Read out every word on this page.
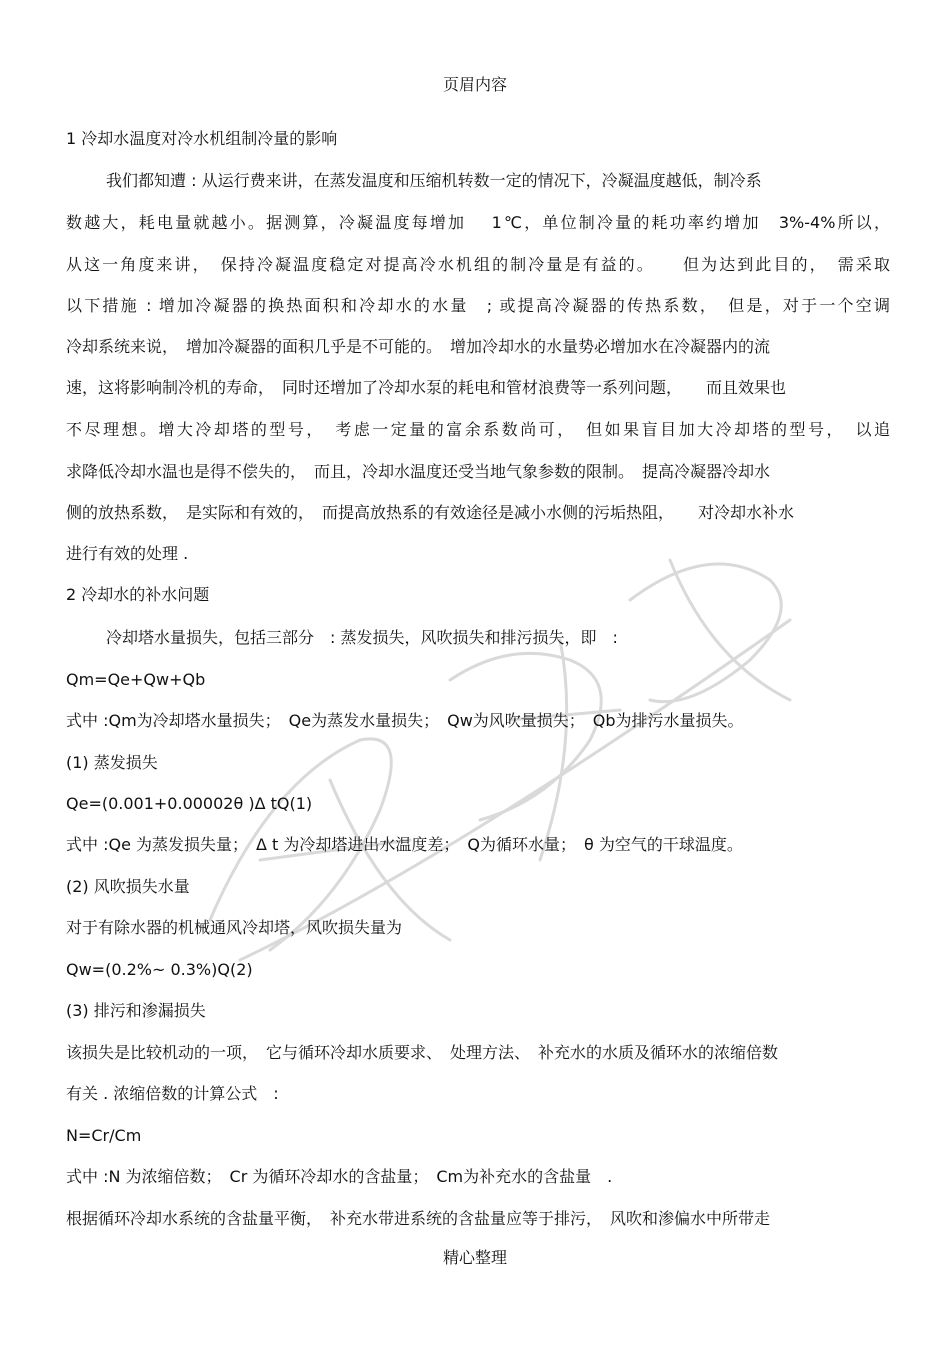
页眉内容
1 冷却水温度对冷水机组制冷量的影响
我们都知遭 : 从运行费来讲，在蒸发温度和压缩机转数一定的情况下，冷凝温度越低，制冷系
数越大，耗电量就越小。据测算，冷凝温度每增加　 1℃，单位制冷量的耗功率约增加　3%-4%所以，
从这一角度来讲，　保持冷凝温度稳定对提高冷水机组的制冷量是有益的。　　但为达到此目的，　需采取
以下措施 : 增加冷凝器的换热面积和冷却水的水量　; 或提高冷凝器的传热系数，　但是，对于一个空调
冷却系统来说，　增加冷凝器的面积几乎是不可能的。　增加冷却水的水量势必增加水在冷凝器内的流
速，这将影响制冷机的寿命，　同时还增加了冷却水泵的耗电和管材浪费等一系列问题，　　而且效果也
不尽理想。增大冷却塔的型号，　考虑一定量的富余系数尚可，　但如果盲目加大冷却塔的型号，　以追
求降低冷却水温也是得不偿失的，　而且，冷却水温度还受当地气象参数的限制。　提高冷凝器冷却水
侧的放热系数，　是实际和有效的，　而提高放热系的有效途径是减小水侧的污垢热阻，　　对冷却水补水
进行有效的处理 .
2 冷却水的补水问题
冷却塔水量损失，包括三部分　: 蒸发损失，风吹损失和排污损失，即　:
Qm=Qe+Qw+Qb
式中 :Qm为冷却塔水量损失；　Qe为蒸发水量损失；　Qw为风吹量损失；　Qb为排污水量损失。
(1) 蒸发损失
Qe=(0.001+0.00002θ )Δ tQ(1)
式中 :Qe 为蒸发损失量；　Δ t 为冷却塔进出水温度差；　Q为循环水量；　θ 为空气的干球温度。
(2) 风吹损失水量
对于有除水器的机械通风冷却塔，风吹损失量为
Qw=(0.2%~ 0.3%)Q(2)
(3) 排污和渗漏损失
该损失是比较机动的一项，　它与循环冷却水质要求、　处理方法、　补充水的水质及循环水的浓缩倍数
有关 . 浓缩倍数的计算公式　:
N=Cr/Cm
式中 :N 为浓缩倍数；　Cr 为循环冷却水的含盐量；　Cm为补充水的含盐量　.
根据循环冷却水系统的含盐量平衡，　补充水带进系统的含盐量应等于排污，　风吹和渗偏水中所带走
精心整理
